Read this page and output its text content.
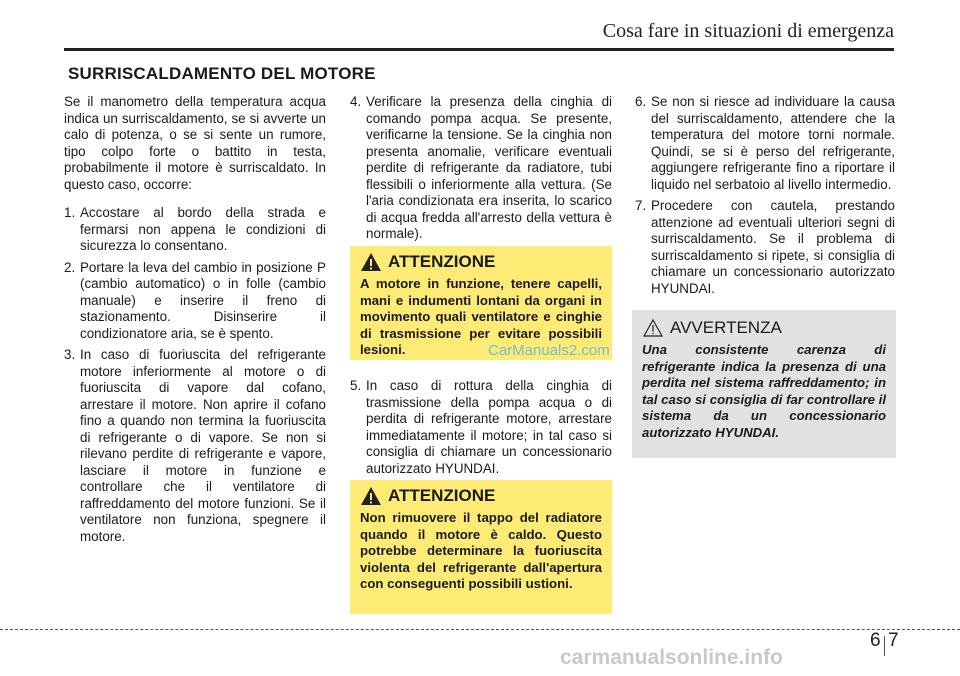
Cosa fare in situazioni di emergenza
SURRISCALDAMENTO DEL MOTORE

Se il manometro della temperatura acqua indica un surriscaldamento, se si avverte un calo di potenza, o se si sente un rumore, tipo colpo forte o battito in testa, probabilmente il motore è surriscaldato. In questo caso, occorre:

1. Accostare al bordo della strada e fermarsi non appena le condizioni di sicurezza lo consentano.
2. Portare la leva del cambio in posizione P (cambio automatico) o in folle (cambio manuale) e inserire il freno di stazionamento. Disinserire il condizionatore aria, se è spento.
3. In caso di fuoriuscita del refrigerante motore inferiormente al motore o di fuoriuscita di vapore dal cofano, arrestare il motore. Non aprire il cofano fino a quando non termina la fuoriuscita di refrigerante o di vapore. Se non si rilevano perdite di refrigerante e vapore, lasciare il motore in funzione e controllare che il ventilatore di raffreddamento del motore funzioni. Se il ventilatore non funziona, spegnere il motore.
4. Verificare la presenza della cinghia di comando pompa acqua. Se presente, verificarne la tensione. Se la cinghia non presenta anomalie, verificare eventuali perdite di refrigerante da radiatore, tubi flessibili o inferiormente alla vettura. (Se l'aria condizionata era inserita, lo scarico di acqua fredda all'arresto della vettura è normale).
ATTENZIONE
A motore in funzione, tenere capelli, mani e indumenti lontani da organi in movimento quali ventilatore e cinghie di trasmissione per evitare possibili lesioni.	CarManuals2.com
5. In caso di rottura della cinghia di trasmissione della pompa acqua o di perdita di refrigerante motore, arrestare immediatamente il motore; in tal caso si consiglia di chiamare un concessionario autorizzato HYUNDAI.
ATTENZIONE
Non rimuovere il tappo del radiatore quando il motore è caldo. Questo potrebbe determinare la fuoriuscita violenta del refrigerante dall'apertura con conseguenti possibili ustioni.
6. Se non si riesce ad individuare la causa del surriscaldamento, attendere che la temperatura del motore torni normale. Quindi, se si è perso del refrigerante, aggiungere refrigerante fino a riportare il liquido nel serbatoio al livello intermedio.
7. Procedere con cautela, prestando attenzione ad eventuali ulteriori segni di surriscaldamento. Se il problema di surriscaldamento si ripete, si consiglia di chiamare un concessionario autorizzato HYUNDAI.
AVVERTENZA
Una consistente carenza di refrigerante indica la presenza di una perdita nel sistema raffreddamento; in tal caso si consiglia di far controllare il sistema da un concessionario autorizzato HYUNDAI.
6 7
carmanualsonline.info
